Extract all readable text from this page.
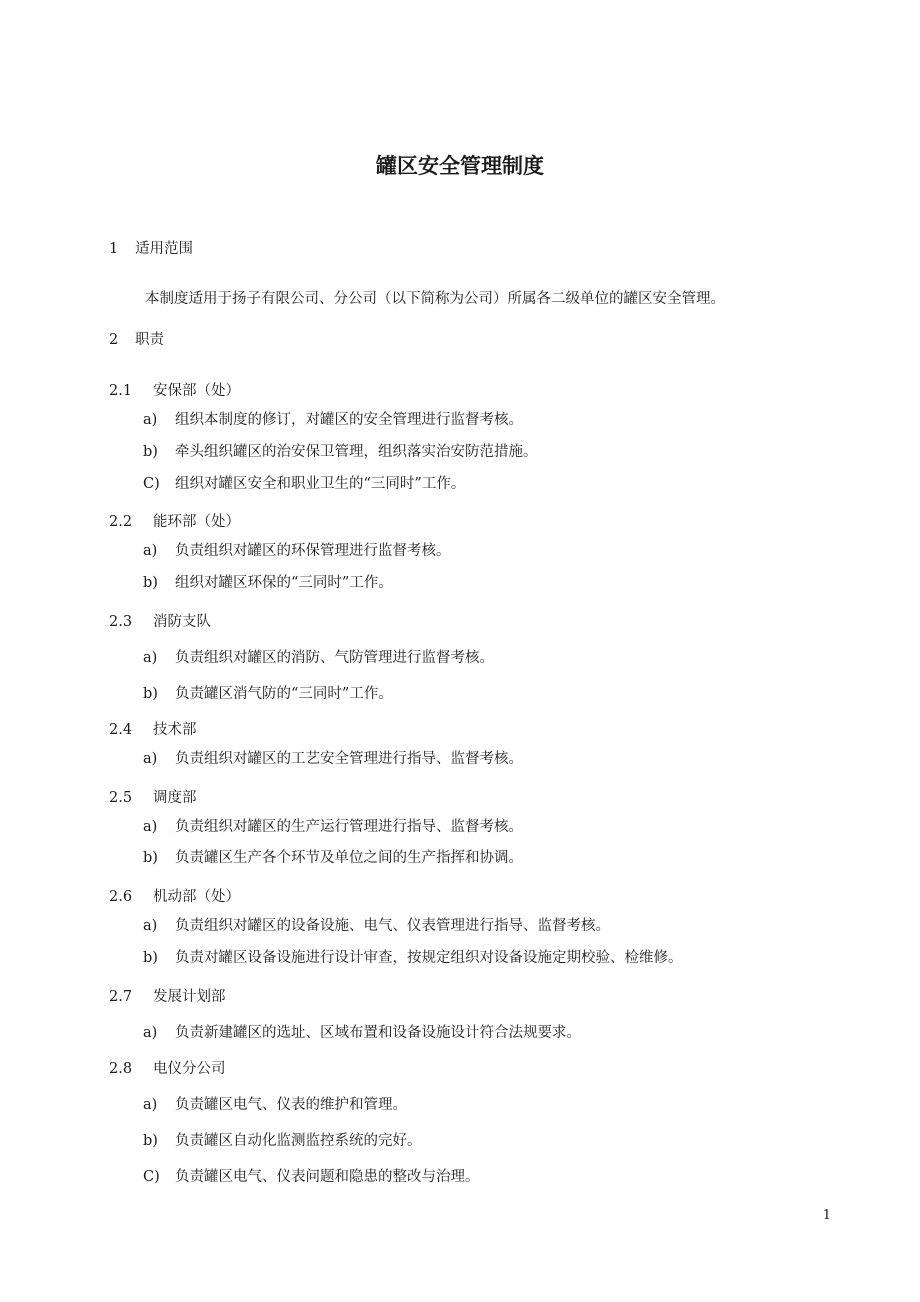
罐区安全管理制度
1 适用范围
本制度适用于扬子有限公司、分公司（以下简称为公司）所属各二级单位的罐区安全管理。
2 职责
2.1 安保部（处）
a) 组织本制度的修订，对罐区的安全管理进行监督考核。
b) 牵头组织罐区的治安保卫管理，组织落实治安防范措施。
C) 组织对罐区安全和职业卫生的“三同时”工作。
2.2 能环部（处）
a) 负责组织对罐区的环保管理进行监督考核。
b) 组织对罐区环保的“三同时”工作。
2.3 消防支队
a) 负责组织对罐区的消防、气防管理进行监督考核。
b) 负责罐区消气防的“三同时”工作。
2.4 技术部
a) 负责组织对罐区的工艺安全管理进行指导、监督考核。
2.5 调度部
a) 负责组织对罐区的生产运行管理进行指导、监督考核。
b) 负责罐区生产各个环节及单位之间的生产指挥和协调。
2.6 机动部（处）
a) 负责组织对罐区的设备设施、电气、仪表管理进行指导、监督考核。
b) 负责对罐区设备设施进行设计审查，按规定组织对设备设施定期校验、检维修。
2.7 发展计划部
a) 负责新建罐区的选址、区域布置和设备设施设计符合法规要求。
2.8 电仪分公司
a) 负责罐区电气、仪表的维护和管理。
b) 负责罐区自动化监测监控系统的完好。
C) 负责罐区电气、仪表问题和隐患的整改与治理。
1
